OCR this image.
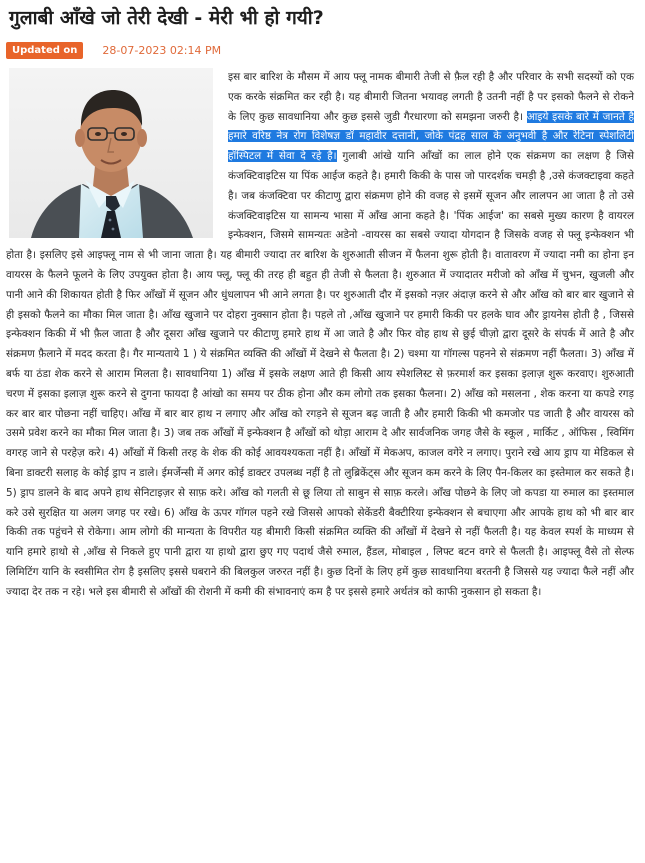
गुलाबी आँखे जो तेरी देखी - मेरी भी हो गयी?
Updated on	28-07-2023 02:14 PM
इस बार बारिश के मौसम में आय फ्लू नामक बीमारी तेजी से फ़ैल रही है और परिवार के सभी सदस्यों को एक एक करके संक्रमित कर रही है। यह बीमारी जितना भयावह लगती है उतनी नहीं है पर इसको फैलने से रोकने के लिए कुछ सावधानिया और कुछ इससे जुडी गैरधारणा को समझना जरुरी है। आइये इसके बारे में जानते है हमारे वरिष्ठ नेत्र रोग विशेषज्ञ डॉ महावीर दत्तानी, जोके पंद्रह साल के अनुभवी है और रेटिना स्पेशलिटी हॉस्पिटल में सेवा दे रहे है। गुलाबी आंखे यानि आँखों का लाल होने एक संक्रमण का लक्षण है जिसे कंजक्टिवाइटिस या पिंक आईज कहते है। हमारी किकी के पास जो पारदर्शक चमड़ी है ,उसे कंजक्टाइवा कहते है। जब कंजक्टिवा पर कीटाणु द्वारा संक्रमण होने की वजह से इसमें सूजन और लालपन आ जाता है तो उसे कंजक्टिवाइटिस या सामन्य भासा में आँख आना कहते है। 'पिंक आईज' का सबसे मुख्य कारण है वायरल इन्फेक्शन, जिसमे सामन्यतः अडेनो -वायरस का सबसे ज्यादा योगदान है जिसके वजह से फ्लू इन्फेक्शन भी होता है। इसलिए इसे आइफ्लू नाम से भी जाना जाता है। यह बीमारी ज्यादा तर बारिश के शुरुआती सीजन में फैलना शुरू होती है। वातावरण में ज्यादा नमी का होना इन वायरस के फैलने फूलने के लिए उपयुक्त होता है। आय फ्लू, फ्लू की तरह ही बहुत ही तेजी से फैलता है। शुरुआत में ज्यादातर मरीजो को आँख में चुभन, खुजली और पानी आने की शिकायत होती है फिर आँखों में सूजन और धुंधलापन भी आने लगता है। पर शुरुआती दौर में इसको नज़र अंदाज़ करने से और आँख को बार बार खुजाने से ही इसको फैलने का मौका मिल जाता है। आँख खुजाने पर दोहरा नुक्सान होता है। पहले तो ,आँख खुजाने पर हमारी किकी पर हलके घाव और ड्रायनेस होती है , जिससे इन्फेक्शन किकी में भी फ़ैल जाता है और दूसरा आँख खुजाने पर कीटाणु हमारे हाथ में आ जाते है और फिर वोह हाथ से छुई चीज़ो द्वारा दूसरे के संपर्क में आते है और संक्रमण फ़ैलाने में मदद करता है। गैर मान्यताये 1 ) ये संक्रमित व्यक्ति की आँखों में देखने से फैलता है। 2) चश्मा या गॉगल्स पहनने से संक्रमण नहीं फैलता। 3) आँख में बर्फ या ठंडा शेक करने से आराम मिलता है। सावधानिया 1) आँख में इसके लक्षण आते ही किसी आय स्पेशलिस्ट से फ़रमार्श कर इसका इलाज़ शुरू करवाए। शुरुआती चरण में इसका इलाज़ शुरू करने से दुगना फायदा है आंखो का समय पर ठीक होना और कम लोगो तक इसका फैलना। 2) आँख को मसलना , शेक करना या कपडे रगड़ कर बार बार पोछना नहीं चाहिए। आँख में बार बार हाथ न लगाए और आँख को रगड़ने से सूजन बढ़ जाती है और हमारी किकी भी कमजोर पड जाती है और वायरस को उसमे प्रवेश करने का मौका मिल जाता है। 3) जब तक आँखों में इन्फेक्शन है आँखों को थोड़ा आराम दे और सार्वजनिक जगह जैसे के स्कूल , मार्किट , ऑफिस , स्विमिंग वगरह जाने से परहेज़ करे। 4) आँखों में किसी तरह के शेक की कोई आवयश्यकता नहीं है। आँखों में मेकअप, काजल वगेरे न लगाए। पुराने रखे आय ड्राप या मेडिकल से बिना डाक्टरी सलाह के कोई ड्राप न डाले। ईमर्जेन्सी में अगर कोई डाक्टर उपलब्ध नहीं है तो लुब्रिकेंट्स और सूजन कम करने के लिए पैन-किलर का इस्तेमाल कर सकते है। 5) ड्राप डालने के बाद अपने हाथ सेनिटाइज़र से साफ़ करे। आँख को गलती से छू लिया तो साबुन से साफ़ करले। आँख पोछने के लिए जो कपडा या रुमाल का इस्तमाल करे उसे सुरक्षित या अलग जगह पर रखे। 6) आँख के ऊपर गॉगल पहने रखे जिससे आपको सेकेंडरी बैक्टीरिया इन्फेक्शन से बचाएगा और आपके हाथ को भी बार बार किकी तक पहुंचने से रोकेगा। आम लोगो की मान्यता के विपरीत यह बीमारी किसी संक्रमित व्यक्ति की आँखों में देखने से नहीं फैलती है। यह केवल स्पर्श के माध्यम से यानि हमारे हाथो से ,आँख से निकले हुए पानी द्वारा या हाथो द्वारा छुए गए पदार्थ जैसे रुमाल, हैंडल, मोबाइल , लिफ्ट बटन वगरे से फैलती है। आइफ्लू वैसे तो सेल्फ लिमिटिंग यानि के स्वसीमित रोग है इसलिए इससे घबराने की बिलकुल जरुरत नहीं है। कुछ दिनों के लिए हमें कुछ सावधानिया बरतनी है जिससे यह ज्यादा फैले नहीं और ज्यादा देर तक न रहे। भले इस बीमारी से आँखों की रोशनी में कमी की संभावनाएं कम है पर इससे हमारे अर्थतंत्र को काफी नुकसान हो सकता है।
